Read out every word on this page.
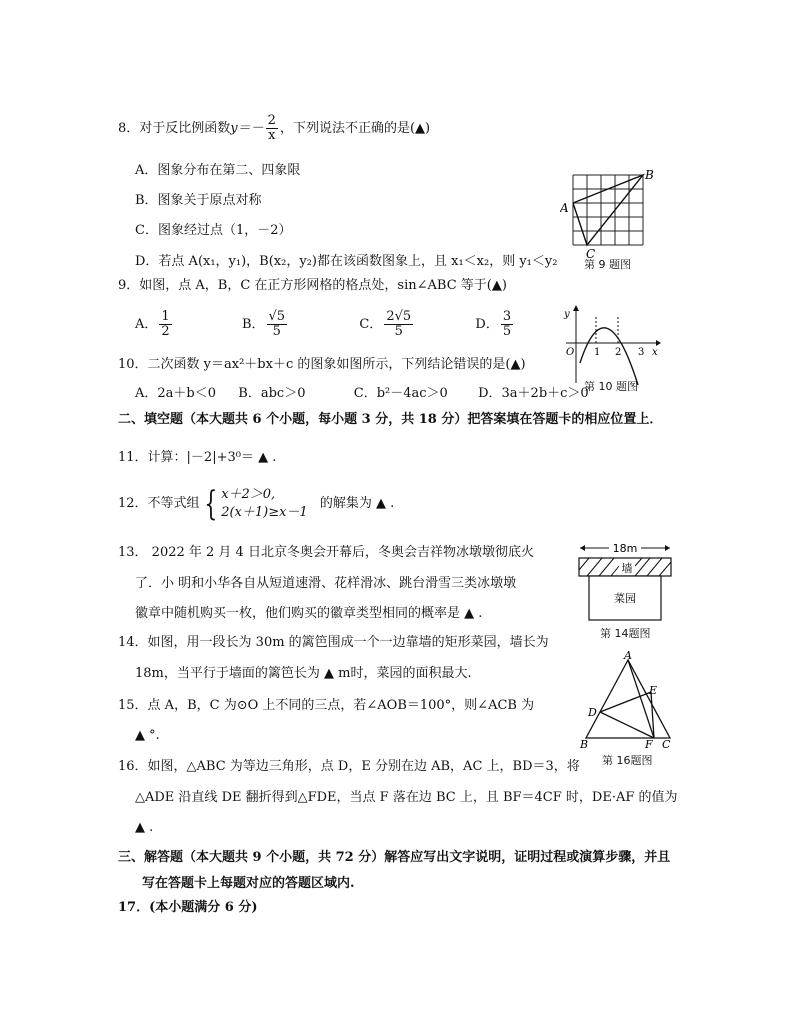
8．对于反比例函数$y=- \frac{2}{x}$ ，下列说法不正确的是(▲)
A．图象分布在第二、四象限
B．图象关于原点对称
C．图象经过点（1，－2）
D．若点 A(x₁，y₁)，B(x₂，y₂)都在该函数图象上，且 x₁＜x₂，则 y₁＜y₂
9．如图，点 A，B，C 在正方形网格的格点处，sin∠ABC 等于(▲)
A． $\frac{1}{2}$	B． $\frac{√5}{5}$	C． $\frac{2√5}{5}$	D． $\frac{3}{5}$
10．二次函数 y＝ax²＋bx＋c 的图象如图所示，下列结论错误的是(▲)
A．2a＋b＜0 B．abc＞0	C．b²－4ac＞0 D．3a＋2b＋c＞0
二、填空题（本大题共 6 个小题，每小题 3 分，共 18 分）把答案填在答题卡的相应位置上．
11．计算：|－2|+3⁰＝ ▲ .
12．不等式组 { x＋2＞0,
2(x＋1)≥x－1
的解集为 ▲ .
13． 2022 年 2 月 4 日北京冬奥会开幕后，冬奥会吉祥物冰墩墩彻底火
了．小 明和小华各自从短道速滑、花样滑冰、跳台滑雪三类冰墩墩
徽章中随机购买一枚，他们购买的徽章类型相同的概率是 ▲ .
14．如图，用一段长为 30m 的篱笆围成一个一边靠墙的矩形菜园，墙长为
18m，当平行于墙面的篱笆长为 ▲ m时，菜园的面积最大.
15．点 A，B，C 为⊙O 上不同的三点，若∠AOB＝100°，则∠ACB 为
▲ °.
16．如图，△ABC 为等边三角形，点 D，E 分别在边 AB，AC 上，BD＝3，将
△ADE 沿直线 DE 翻折得到△FDE，当点 F 落在边 BC 上，且 BF＝4CF 时，DE·AF 的值为
▲ .
三、解答题（本大题共 9 个小题，共 72 分）解答应写出文字说明，证明过程或演算步骤，并且
写在答题卡上每题对应的答题区域内.
17．(本小题满分 6 分)
A
B
C
第 9 题图
y
x
O 1 2 3
第 10 题图
18m
墙
菜园
第 14题图
A
B	C
D
E
F
第 16题图
